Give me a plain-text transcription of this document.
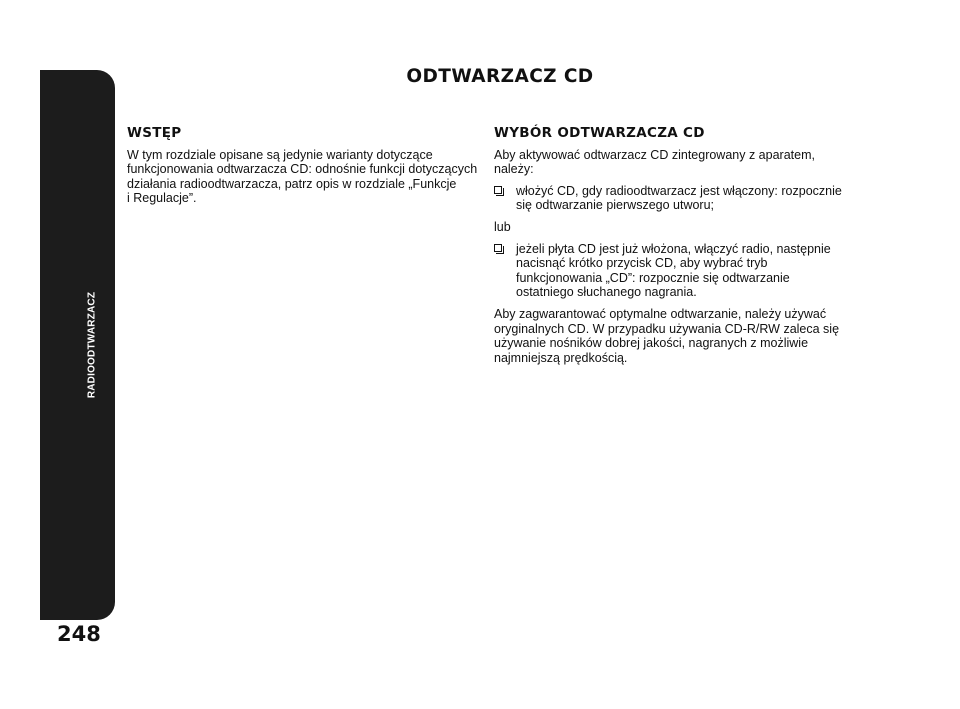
RADIOODTWARZACZ
248
ODTWARZACZ CD
WSTĘP
W tym rozdziale opisane są jedynie warianty dotyczące
funkcjonowania odtwarzacza CD: odnośnie funkcji dotyczących
działania radioodtwarzacza, patrz opis w rozdziale „Funkcje
i Regulacje”.
WYBÓR ODTWARZACZA CD
Aby aktywować odtwarzacz CD zintegrowany z aparatem,
należy:
włożyć CD, gdy radioodtwarzacz jest włączony: rozpocznie
się odtwarzanie pierwszego utworu;
lub
jeżeli płyta CD jest już włożona, włączyć radio, następnie
nacisnąć krótko przycisk CD, aby wybrać tryb
funkcjonowania „CD”: rozpocznie się odtwarzanie
ostatniego słuchanego nagrania.
Aby zagwarantować optymalne odtwarzanie, należy używać
oryginalnych CD. W przypadku używania CD-R/RW zaleca się
używanie nośników dobrej jakości, nagranych z możliwie
najmniejszą prędkością.
